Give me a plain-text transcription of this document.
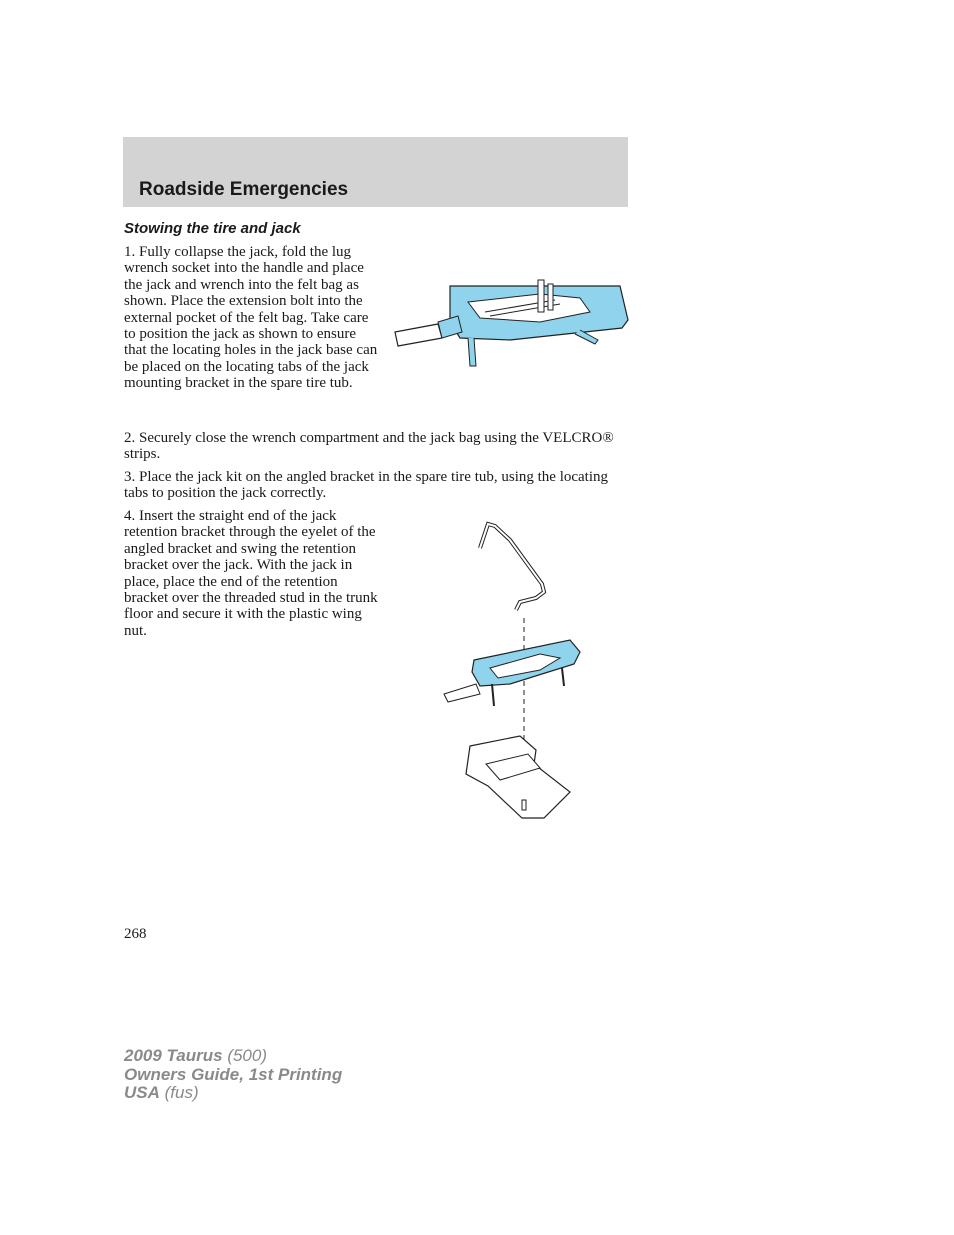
Roadside Emergencies
Stowing the tire and jack

1. Fully collapse the jack, fold the lug wrench socket into the handle and place the jack and wrench into the felt bag as shown. Place the extension bolt into the external pocket of the felt bag. Take care to position the jack as shown to ensure that the locating holes in the jack base can be placed on the locating tabs of the jack mounting bracket in the spare tire tub.

2. Securely close the wrench compartment and the jack bag using the VELCRO® strips.

3. Place the jack kit on the angled bracket in the spare tire tub, using the locating tabs to position the jack correctly.

4. Insert the straight end of the jack retention bracket through the eyelet of the angled bracket and swing the retention bracket over the jack. With the jack in place, place the end of the retention bracket over the threaded stud in the trunk floor and secure it with the plastic wing nut.

268
2009 Taurus (500)
Owners Guide, 1st Printing
USA (fus)
